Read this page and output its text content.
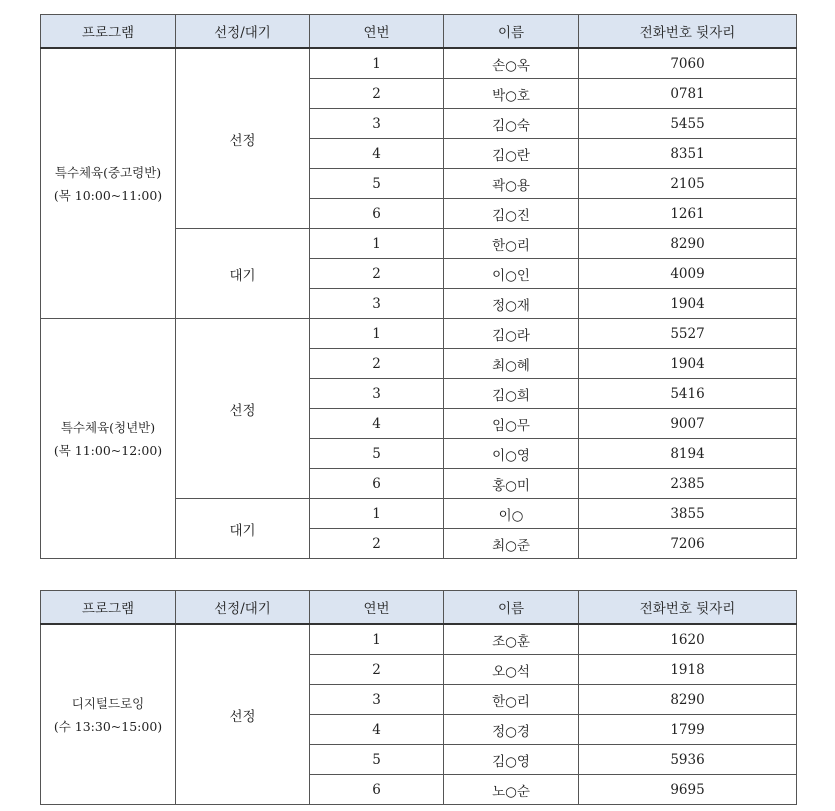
프로그램	선정/대기	연번	이름	전화번호 뒷자리

특수체육(중고령반)
(목 10:00~11:00)	선정	1	손○옥	7060
		2	박○호	0781
		3	김○숙	5455
		4	김○란	8351
		5	곽○용	2105
		6	김○진	1261
	대기	1	한○리	8290
		2	이○인	4009
		3	정○재	1904

특수체육(청년반)
(목 11:00~12:00)	선정	1	김○라	5527
		2	최○혜	1904
		3	김○희	5416
		4	임○무	9007
		5	이○영	8194
		6	홍○미	2385
	대기	1	이○	3855
		2	최○준	7206
프로그램	선정/대기	연번	이름	전화번호 뒷자리

디지털드로잉
(수 13:30~15:00)	선정	1	조○훈	1620
		2	오○석	1918
		3	한○리	8290
		4	정○경	1799
		5	김○영	5936
		6	노○순	9695
